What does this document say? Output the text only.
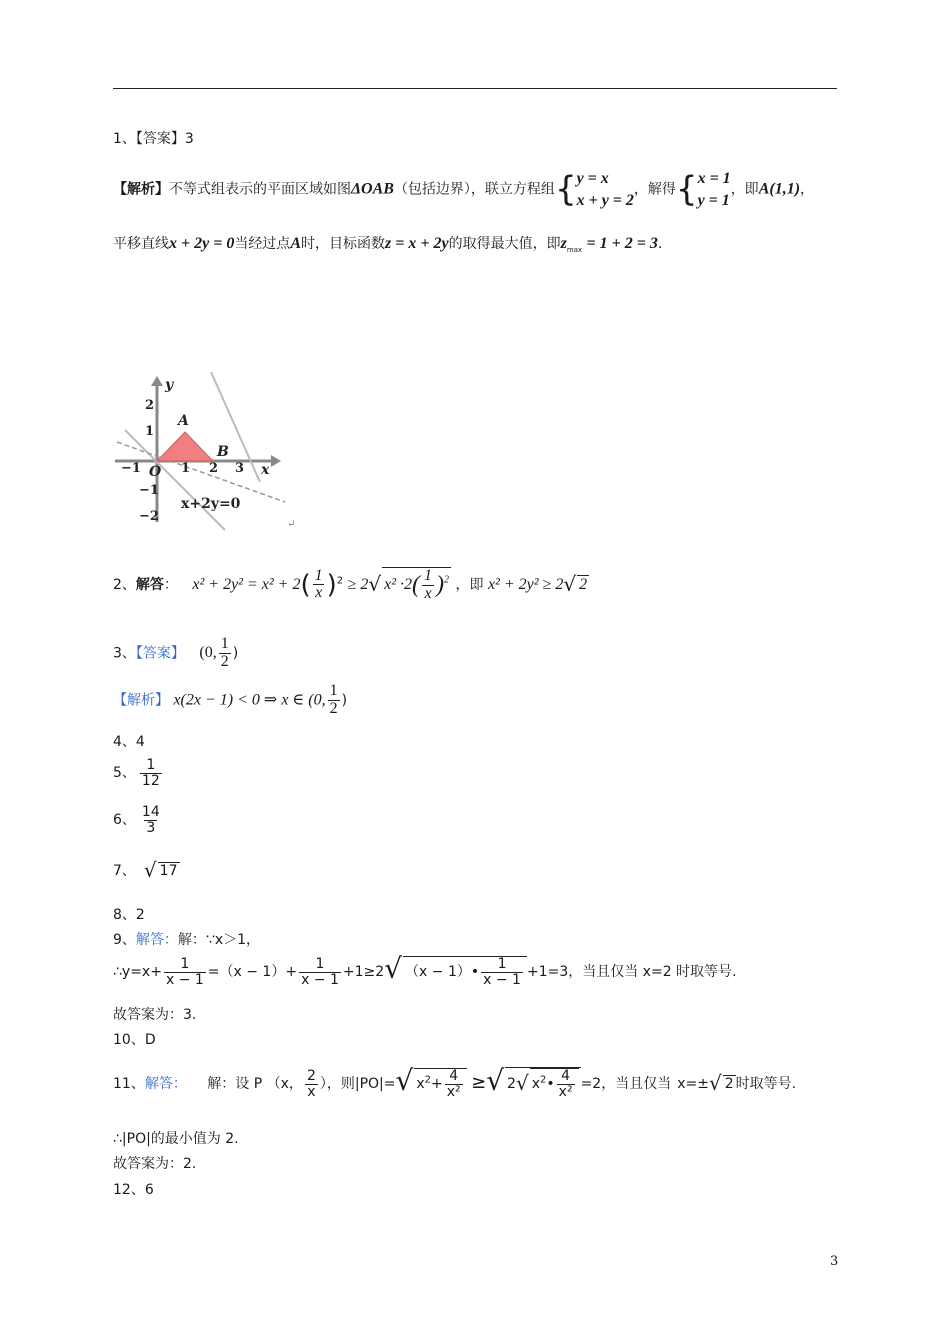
1、【答案】3
【解析】不等式组表示的平面区域如图ΔOAB（包括边界），联立方程组{ y = x
x + y = 2
，解得{ x = 1
y = 1
，即A(1,1)，
平移直线x + 2y = 0当经过点A时，目标函数z = x + 2y的取得最大值，即$z_{max} = 1 + 2 = 3$.
y
x
2
1
−1
−2
−1	1 2 3
O
A
B
x+2y=0
↵
2、解答： $x^2 + 2y^2 = x^2 + 2( \frac{1}{x} )^2 \ge 2√$ $x^2 \cdot 2( \frac{1}{x} )^2$ ，即 x² + 2y² ≥ 2√ 2
3、【答案】 (0, $\frac{1}{2}$ )
【解析】 x(2x − 1) < 0 ⇒ x ∈ (0, $\frac{1}{2}$ )
4、4
5、 $\frac{1}{12}$
6、 $\frac{14}{3}$
7、 √ 17
8、2
9、解答：解：∵x＞1，
∴y=x+ $\frac{1}{x - 1} =(x - 1)+ \frac{1}{x - 1} +1\ge 2√$ （x − 1）• $\frac{1}{x - 1} +1=3$，当且仅当 x=2 时取等号.
故答案为：3.
10、D
11、解答： 解：设 P （x， $\frac{2}{x}$ ），则|PO|=√ $x^2+ \frac{4}{\text{x²}}$ ≥√ 2√ $x^2• \frac{4}{\text{x²}} =2$，当且仅当 x=±√ 2 时取等号.
∴|PO|的最小值为 2.
故答案为：2.
12、6
3
